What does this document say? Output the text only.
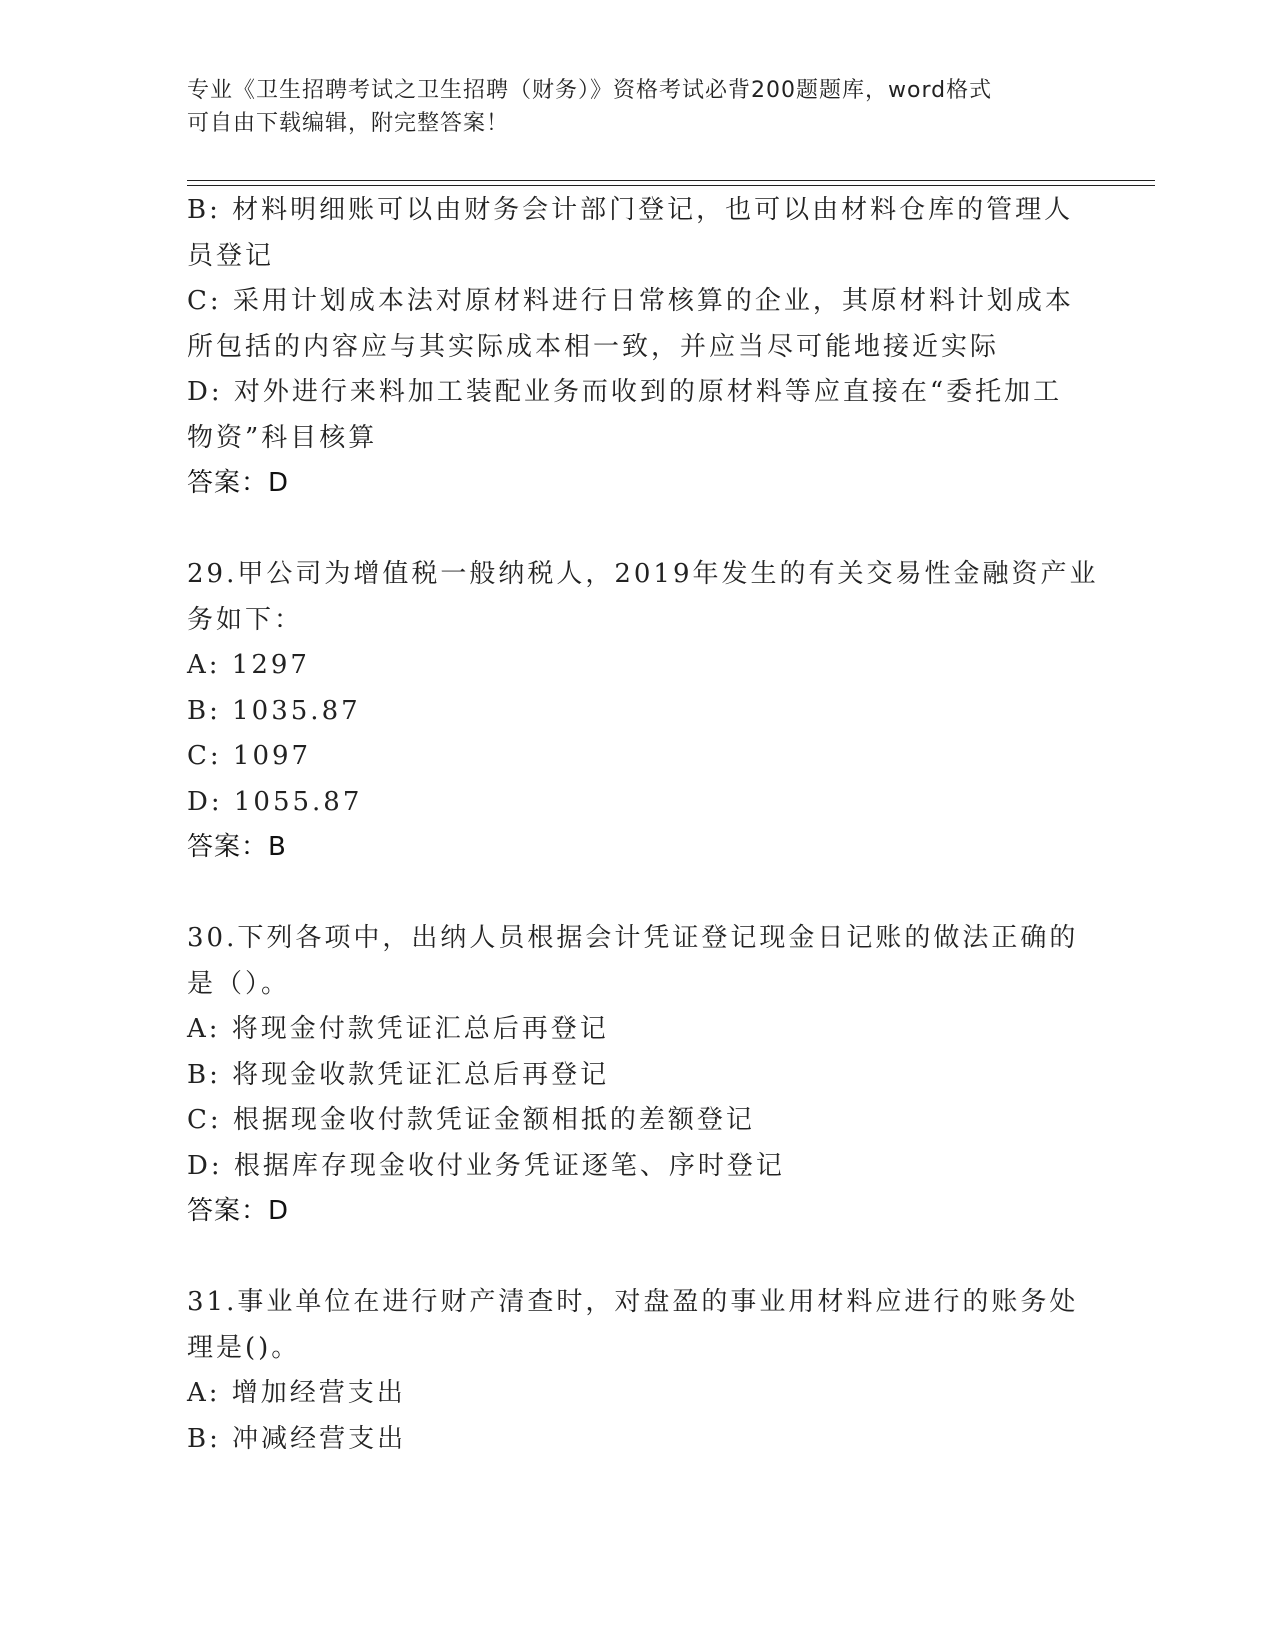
专业《卫生招聘考试之卫生招聘（财务）》资格考试必背200题题库，word格式
可自由下载编辑，附完整答案！
B: 材料明细账可以由财务会计部门登记，也可以由材料仓库的管理人
员登记
C: 采用计划成本法对原材料进行日常核算的企业，其原材料计划成本
所包括的内容应与其实际成本相一致，并应当尽可能地接近实际
D: 对外进行来料加工装配业务而收到的原材料等应直接在“委托加工
物资”科目核算
答案：D
29.甲公司为增值税一般纳税人，2019年发生的有关交易性金融资产业
务如下：
A: 1297
B: 1035.87
C: 1097
D: 1055.87
答案：B
30.下列各项中，出纳人员根据会计凭证登记现金日记账的做法正确的
是（）。
A: 将现金付款凭证汇总后再登记
B: 将现金收款凭证汇总后再登记
C: 根据现金收付款凭证金额相抵的差额登记
D: 根据库存现金收付业务凭证逐笔、序时登记
答案：D
31.事业单位在进行财产清查时，对盘盈的事业用材料应进行的账务处
理是()。
A: 增加经营支出
B: 冲减经营支出
